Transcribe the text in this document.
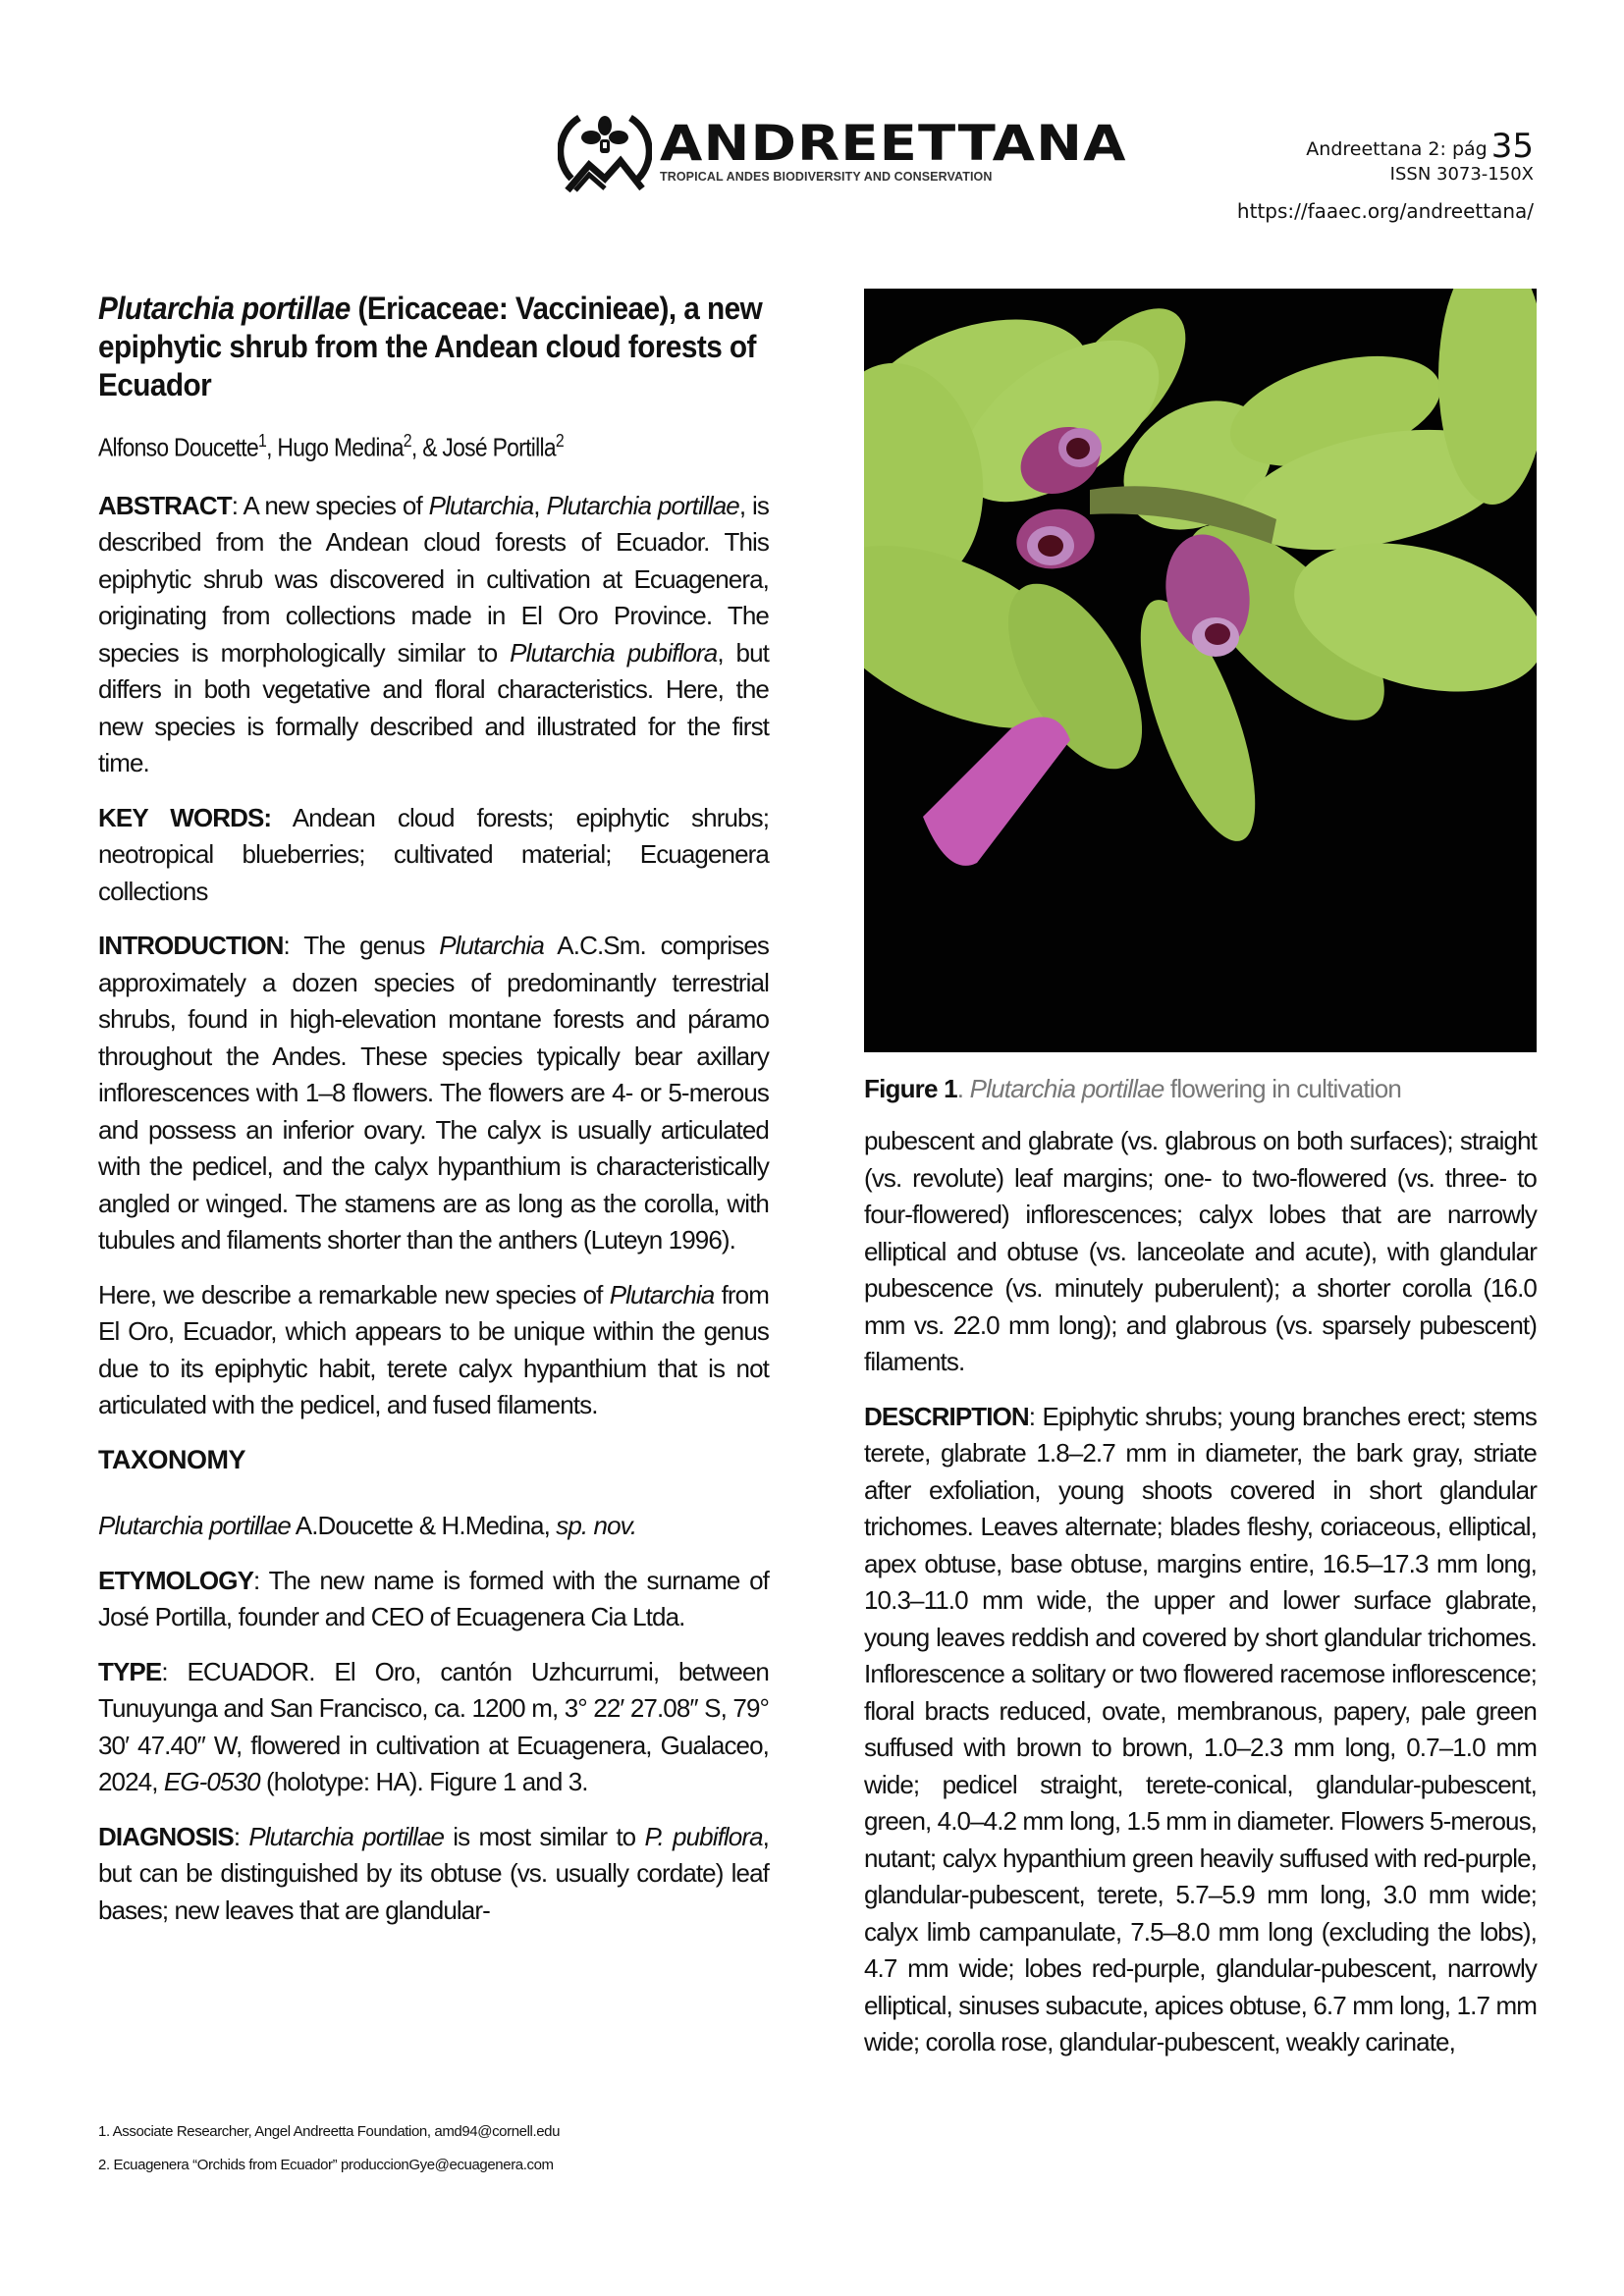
ANDREETTANA
TROPICAL ANDES BIODIVERSITY AND CONSERVATION
Andreettana 2: pág 35
ISSN 3073-150X
https://faaec.org/andreettana/
Plutarchia portillae (Ericaceae: Vaccinieae), a new epiphytic shrub from the Andean cloud forests of Ecuador
Alfonso Doucette$^1$, Hugo Medina$^2$, & José Portilla$^2$

ABSTRACT: A new species of Plutarchia, Plutarchia portillae, is described from the Andean cloud forests of Ecuador. This epiphytic shrub was discovered in cultivation at Ecuagenera, originating from collections made in El Oro Province. The species is morphologically similar to Plutarchia pubiflora, but differs in both vegetative and floral characteristics. Here, the new species is formally described and illustrated for the first time.

KEY WORDS: Andean cloud forests; epiphytic shrubs; neotropical blueberries; cultivated material; Ecuagenera collections

INTRODUCTION: The genus Plutarchia A.C.Sm. comprises approximately a dozen species of predominantly terrestrial shrubs, found in high-elevation montane forests and páramo throughout the Andes. These species typically bear axillary inflorescences with 1–8 flowers. The flowers are 4- or 5-merous and possess an inferior ovary. The calyx is usually articulated with the pedicel, and the calyx hypanthium is characteristically angled or winged. The stamens are as long as the corolla, with tubules and filaments shorter than the anthers (Luteyn 1996).

Here, we describe a remarkable new species of Plutarchia from El Oro, Ecuador, which appears to be unique within the genus due to its epiphytic habit, terete calyx hypanthium that is not articulated with the pedicel, and fused filaments.

TAXONOMY

Plutarchia portillae A.Doucette & H.Medina, sp. nov.

ETYMOLOGY: The new name is formed with the surname of José Portilla, founder and CEO of Ecuagenera Cia Ltda.

TYPE: ECUADOR. El Oro, cantón Uzhcurrumi, between Tunuyunga and San Francisco, ca. 1200 m, 3° 22′ 27.08″ S, 79° 30′ 47.40″ W, flowered in cultivation at Ecuagenera, Gualaceo, 2024, EG-0530 (holotype: HA). Figure 1 and 3.

DIAGNOSIS: Plutarchia portillae is most similar to P. pubiflora, but can be distinguished by its obtuse (vs. usually cordate) leaf bases; new leaves that are glandular-

1. Associate Researcher, Angel Andreetta Foundation, amd94@cornell.edu
2. Ecuagenera “Orchids from Ecuador” produccionGye@ecuagenera.com
Figure 1. Plutarchia portillae flowering in cultivation

pubescent and glabrate (vs. glabrous on both surfaces); straight (vs. revolute) leaf margins; one- to two-flowered (vs. three- to four-flowered) inflorescences; calyx lobes that are narrowly elliptical and obtuse (vs. lanceolate and acute), with glandular pubescence (vs. minutely puberulent); a shorter corolla (16.0 mm vs. 22.0 mm long); and glabrous (vs. sparsely pubescent) filaments.

DESCRIPTION: Epiphytic shrubs; young branches erect; stems terete, glabrate 1.8–2.7 mm in diameter, the bark gray, striate after exfoliation, young shoots covered in short glandular trichomes. Leaves alternate; blades fleshy, coriaceous, elliptical, apex obtuse, base obtuse, margins entire, 16.5–17.3 mm long, 10.3–11.0 mm wide, the upper and lower surface glabrate, young leaves reddish and covered by short glandular trichomes. Inflorescence a solitary or two flowered racemose inflorescence; floral bracts reduced, ovate, membranous, papery, pale green suffused with brown to brown, 1.0–2.3 mm long, 0.7–1.0 mm wide; pedicel straight, terete-conical, glandular-pubescent, green, 4.0–4.2 mm long, 1.5 mm in diameter. Flowers 5-merous, nutant; calyx hypanthium green heavily suffused with red-purple, glandular-pubescent, terete, 5.7–5.9 mm long, 3.0 mm wide; calyx limb campanulate, 7.5–8.0 mm long (excluding the lobs), 4.7 mm wide; lobes red-purple, glandular-pubescent, narrowly elliptical, sinuses subacute, apices obtuse, 6.7 mm long, 1.7 mm wide; corolla rose, glandular-pubescent, weakly carinate,
